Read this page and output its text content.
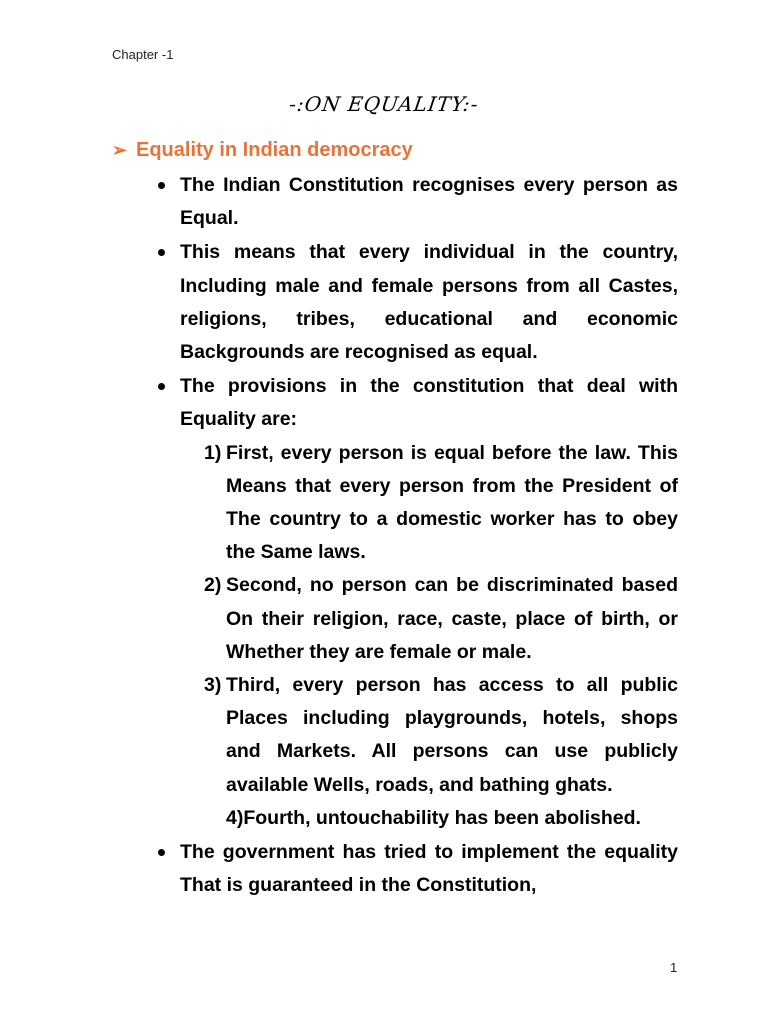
Chapter -1
-:ON EQUALITY:-
➢ Equality in Indian democracy
The Indian Constitution recognises every person as Equal.
This means that every individual in the country, Including male and female persons from all Castes, religions, tribes, educational and economic Backgrounds are recognised as equal.
The provisions in the constitution that deal with Equality are:
1) First, every person is equal before the law. This Means that every person from the President of The country to a domestic worker has to obey the Same laws.
2) Second, no person can be discriminated based On their religion, race, caste, place of birth, or Whether they are female or male.
3) Third, every person has access to all public Places including playgrounds, hotels, shops and Markets. All persons can use publicly available Wells, roads, and bathing ghats.
4)Fourth, untouchability has been abolished.
The government has tried to implement the equality That is guaranteed in the Constitution,
1
